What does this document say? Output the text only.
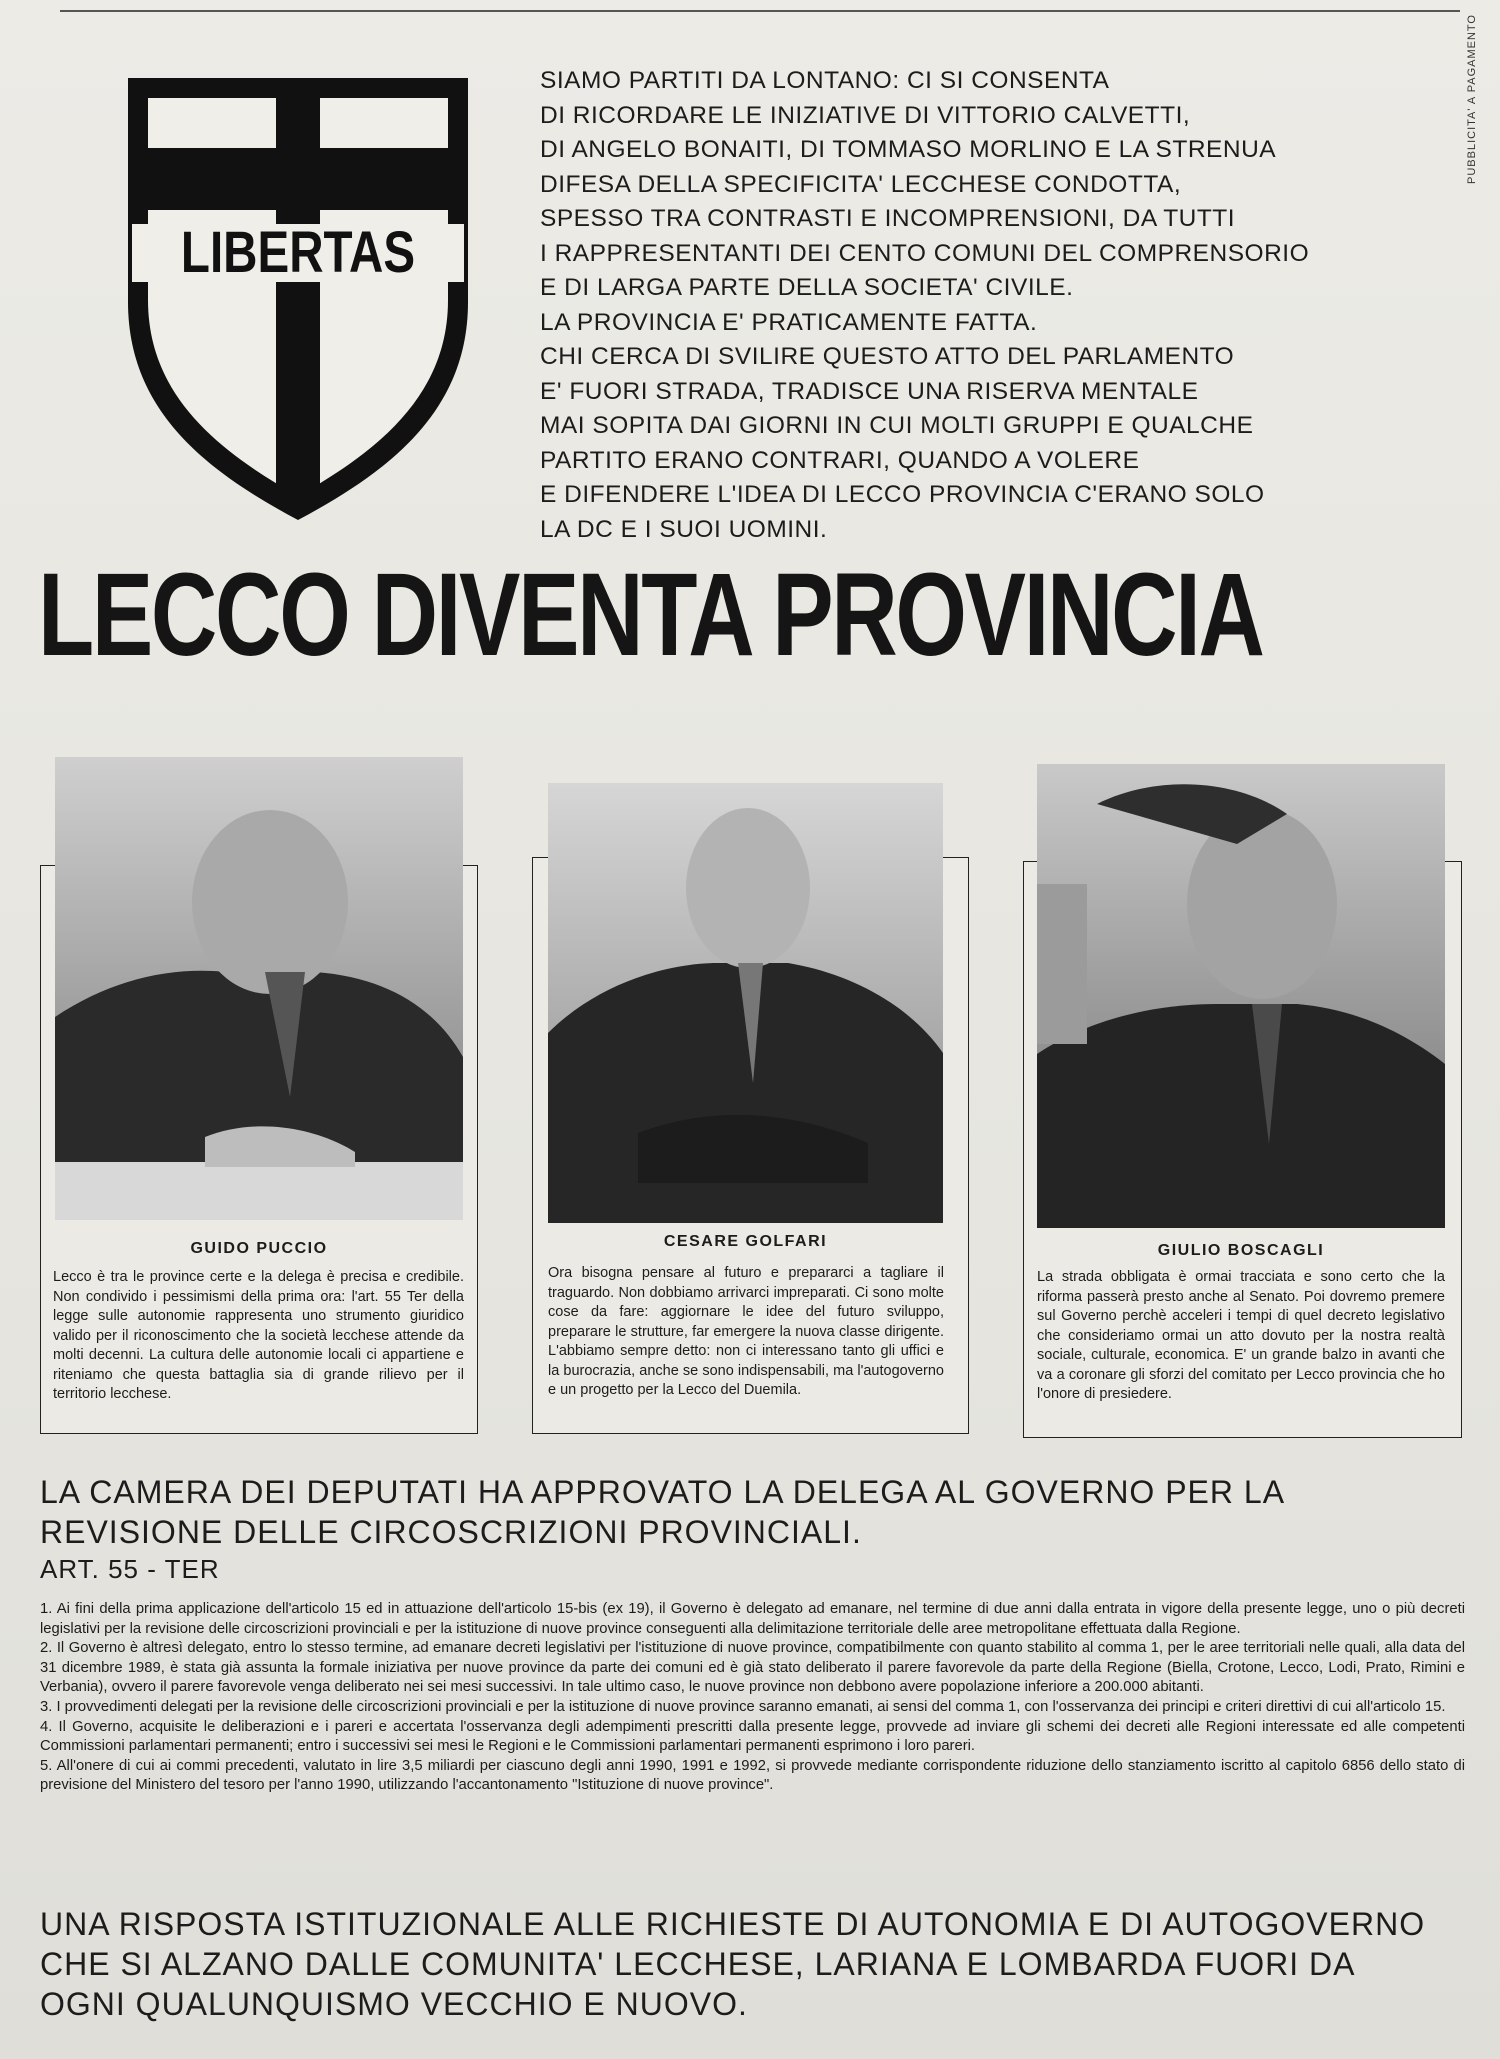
PUBBLICITA' A PAGAMENTO
LIBERTAS
SIAMO PARTITI DA LONTANO: CI SI CONSENTA
DI RICORDARE LE INIZIATIVE DI VITTORIO CALVETTI,
DI ANGELO BONAITI, DI TOMMASO MORLINO E LA STRENUA
DIFESA DELLA SPECIFICITA' LECCHESE CONDOTTA,
SPESSO TRA CONTRASTI E INCOMPRENSIONI, DA TUTTI
I RAPPRESENTANTI DEI CENTO COMUNI DEL COMPRENSORIO
E DI LARGA PARTE DELLA SOCIETA' CIVILE.
LA PROVINCIA E' PRATICAMENTE FATTA.
CHI CERCA DI SVILIRE QUESTO ATTO DEL PARLAMENTO
E' FUORI STRADA, TRADISCE UNA RISERVA MENTALE
MAI SOPITA DAI GIORNI IN CUI MOLTI GRUPPI E QUALCHE
PARTITO ERANO CONTRARI, QUANDO A VOLERE
E DIFENDERE L'IDEA DI LECCO PROVINCIA C'ERANO SOLO
LA DC E I SUOI UOMINI.
LECCO DIVENTA PROVINCIA
GUIDO PUCCIO
Lecco è tra le province certe e la delega è precisa e credibile. Non condivido i pessimismi della prima ora: l'art. 55 Ter della legge sulle autonomie rappresenta uno strumento giuridico valido per il riconoscimento che la società lecchese attende da molti decenni. La cultura delle autonomie locali ci appartiene e riteniamo che questa battaglia sia di grande rilievo per il territorio lecchese.
CESARE GOLFARI
Ora bisogna pensare al futuro e prepararci a tagliare il traguardo. Non dobbiamo arrivarci impreparati. Ci sono molte cose da fare: aggiornare le idee del futuro sviluppo, preparare le strutture, far emergere la nuova classe dirigente. L'abbiamo sempre detto: non ci interessano tanto gli uffici e la burocrazia, anche se sono indispensabili, ma l'autogoverno e un progetto per la Lecco del Duemila.
GIULIO BOSCAGLI
La strada obbligata è ormai tracciata e sono certo che la riforma passerà presto anche al Senato. Poi dovremo premere sul Governo perchè acceleri i tempi di quel decreto legislativo che consideriamo ormai un atto dovuto per la nostra realtà sociale, culturale, economica. E' un grande balzo in avanti che va a coronare gli sforzi del comitato per Lecco provincia che ho l'onore di presiedere.
LA CAMERA DEI DEPUTATI HA APPROVATO LA DELEGA AL GOVERNO PER LA
REVISIONE DELLE CIRCOSCRIZIONI PROVINCIALI.
ART. 55 - TER

1. Ai fini della prima applicazione dell'articolo 15 ed in attuazione dell'articolo 15-bis (ex 19), il Governo è delegato ad emanare, nel termine di due anni dalla entrata in vigore della presente legge, uno o più decreti legislativi per la revisione delle circoscrizioni provinciali e per la istituzione di nuove province conseguenti alla delimitazione territoriale delle aree metropolitane effettuata dalla Regione.

2. Il Governo è altresì delegato, entro lo stesso termine, ad emanare decreti legislativi per l'istituzione di nuove province, compatibilmente con quanto stabilito al comma 1, per le aree territoriali nelle quali, alla data del 31 dicembre 1989, è stata già assunta la formale iniziativa per nuove province da parte dei comuni ed è già stato deliberato il parere favorevole da parte della Regione (Biella, Crotone, Lecco, Lodi, Prato, Rimini e Verbania), ovvero il parere favorevole venga deliberato nei sei mesi successivi. In tale ultimo caso, le nuove province non debbono avere popolazione inferiore a 200.000 abitanti.

3. I provvedimenti delegati per la revisione delle circoscrizioni provinciali e per la istituzione di nuove province saranno emanati, ai sensi del comma 1, con l'osservanza dei principi e criteri direttivi di cui all'articolo 15.

4. Il Governo, acquisite le deliberazioni e i pareri e accertata l'osservanza degli adempimenti prescritti dalla presente legge, provvede ad inviare gli schemi dei decreti alle Regioni interessate ed alle competenti Commissioni parlamentari permanenti; entro i successivi sei mesi le Regioni e le Commissioni parlamentari permanenti esprimono i loro pareri.

5. All'onere di cui ai commi precedenti, valutato in lire 3,5 miliardi per ciascuno degli anni 1990, 1991 e 1992, si provvede mediante corrispondente riduzione dello stanziamento iscritto al capitolo 6856 dello stato di previsione del Ministero del tesoro per l'anno 1990, utilizzando l'accantonamento "Istituzione di nuove province".

UNA RISPOSTA ISTITUZIONALE ALLE RICHIESTE DI AUTONOMIA E DI AUTOGOVERNO
CHE SI ALZANO DALLE COMUNITA' LECCHESE, LARIANA E LOMBARDA FUORI DA
OGNI QUALUNQUISMO VECCHIO E NUOVO.
